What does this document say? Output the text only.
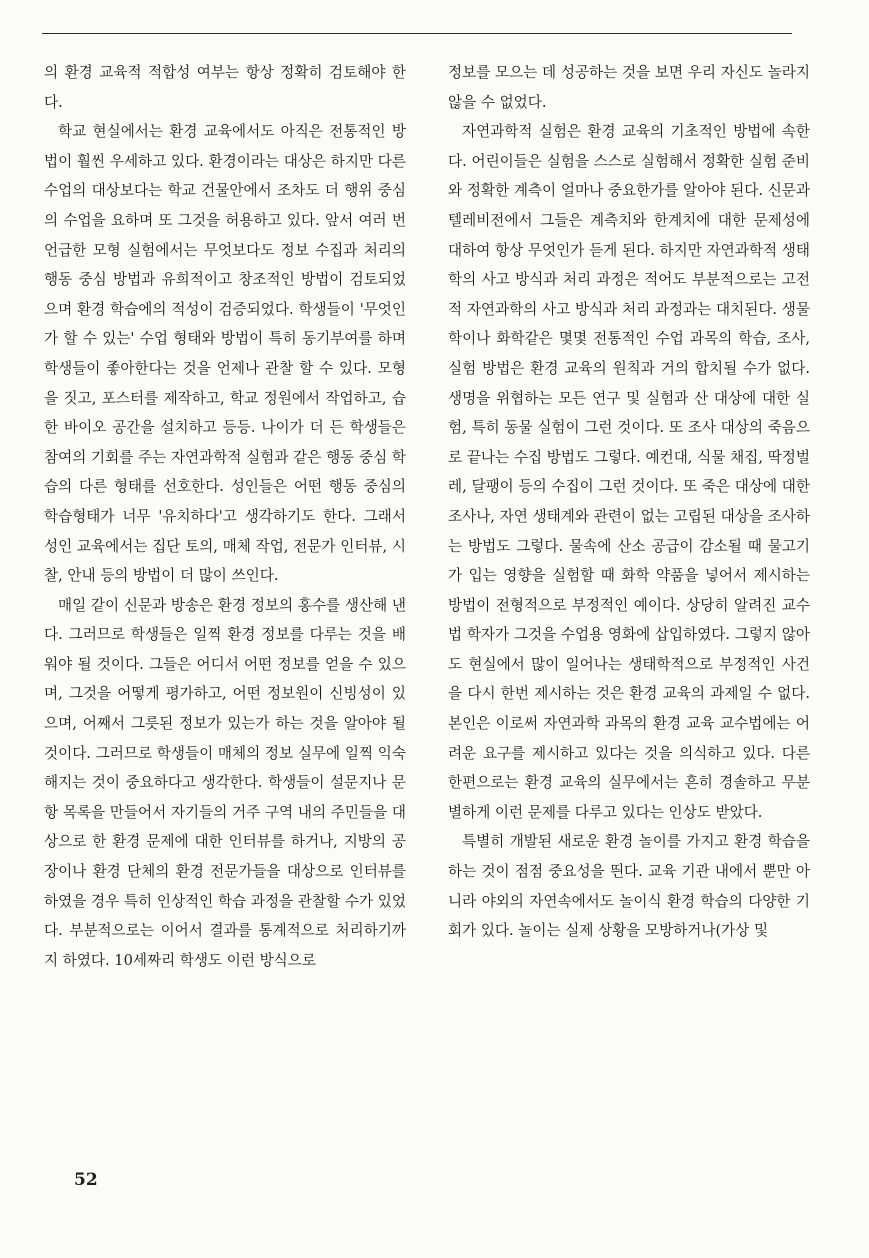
의 환경 교육적 적합성 여부는 항상 정확히 검토해야 한다.

학교 현실에서는 환경 교육에서도 아직은 전통적인 방법이 훨씬 우세하고 있다. 환경이라는 대상은 하지만 다른 수업의 대상보다는 학교 건물안에서 조차도 더 행위 중심의 수업을 요하며 또 그것을 허용하고 있다. 앞서 여러 번 언급한 모형 실험에서는 무엇보다도 정보 수집과 처리의 행동 중심 방법과 유희적이고 창조적인 방법이 검토되었으며 환경 학습에의 적성이 검증되었다. 학생들이 '무엇인가 할 수 있는' 수업 형태와 방법이 특히 동기부여를 하며 학생들이 좋아한다는 것을 언제나 관찰 할 수 있다. 모형을 짓고, 포스터를 제작하고, 학교 정원에서 작업하고, 습한 바이오 공간을 설치하고 등등. 나이가 더 든 학생들은 참여의 기회를 주는 자연과학적 실험과 같은 행동 중심 학습의 다른 형태를 선호한다. 성인들은 어떤 행동 중심의 학습형태가 너무 '유치하다'고 생각하기도 한다. 그래서 성인 교육에서는 집단 토의, 매체 작업, 전문가 인터뷰, 시찰, 안내 등의 방법이 더 많이 쓰인다.

매일 같이 신문과 방송은 환경 정보의 홍수를 생산해 낸다. 그러므로 학생들은 일찍 환경 정보를 다루는 것을 배워야 될 것이다. 그들은 어디서 어떤 정보를 얻을 수 있으며, 그것을 어떻게 평가하고, 어떤 정보원이 신빙성이 있으며, 어째서 그릇된 정보가 있는가 하는 것을 알아야 될 것이다. 그러므로 학생들이 매체의 정보 실무에 일찍 익숙해지는 것이 중요하다고 생각한다. 학생들이 설문지나 문항 목록을 만들어서 자기들의 거주 구역 내의 주민들을 대상으로 한 환경 문제에 대한 인터뷰를 하거나, 지방의 공장이나 환경 단체의 환경 전문가들을 대상으로 인터뷰를 하였을 경우 특히 인상적인 학습 과정을 관찰할 수가 있었다. 부분적으로는 이어서 결과를 통계적으로 처리하기까지 하였다. 10세짜리 학생도 이런 방식으로

정보를 모으는 데 성공하는 것을 보면 우리 자신도 놀라지 않을 수 없었다.

자연과학적 실험은 환경 교육의 기초적인 방법에 속한다. 어린이들은 실험을 스스로 실험해서 정확한 실험 준비와 정확한 계측이 얼마나 중요한가를 알아야 된다. 신문과 텔레비전에서 그들은 계측치와 한계치에 대한 문제성에 대하여 항상 무엇인가 듣게 된다. 하지만 자연과학적 생태학의 사고 방식과 처리 과정은 적어도 부분적으로는 고전적 자연과학의 사고 방식과 처리 과정과는 대치된다. 생물학이나 화학같은 몇몇 전통적인 수업 과목의 학습, 조사, 실험 방법은 환경 교육의 원칙과 거의 합치될 수가 없다. 생명을 위협하는 모든 연구 및 실험과 산 대상에 대한 실험, 특히 동물 실험이 그런 것이다. 또 조사 대상의 죽음으로 끝나는 수집 방법도 그렇다. 예컨대, 식물 채집, 딱정벌레, 달팽이 등의 수집이 그런 것이다. 또 죽은 대상에 대한 조사나, 자연 생태계와 관련이 없는 고립된 대상을 조사하는 방법도 그렇다. 물속에 산소 공급이 감소될 때 물고기가 입는 영향을 실험할 때 화학 약품을 넣어서 제시하는 방법이 전형적으로 부정적인 예이다. 상당히 알려진 교수법 학자가 그것을 수업용 영화에 삽입하였다. 그렇지 않아도 현실에서 많이 일어나는 생태학적으로 부정적인 사건을 다시 한번 제시하는 것은 환경 교육의 과제일 수 없다. 본인은 이로써 자연과학 과목의 환경 교육 교수법에는 어려운 요구를 제시하고 있다는 것을 의식하고 있다. 다른 한편으로는 환경 교육의 실무에서는 흔히 경솔하고 무분별하게 이런 문제를 다루고 있다는 인상도 받았다.

특별히 개발된 새로운 환경 놀이를 가지고 환경 학습을 하는 것이 점점 중요성을 띈다. 교육 기관 내에서 뿐만 아니라 야외의 자연속에서도 놀이식 환경 학습의 다양한 기회가 있다. 놀이는 실제 상황을 모방하거나(가상 및

52
